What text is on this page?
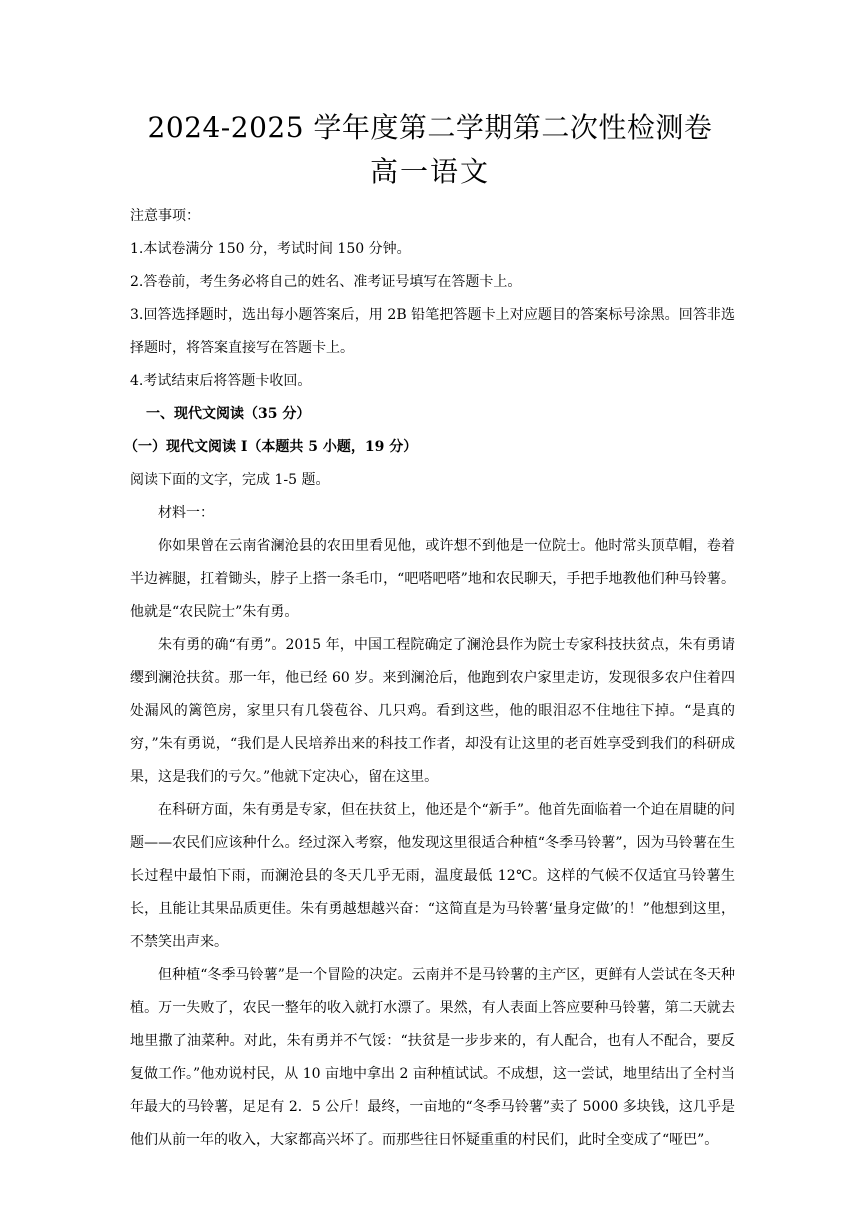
2024-2025 学年度第二学期第二次性检测卷
高一语文

注意事项：

1.本试卷满分 150 分，考试时间 150 分钟。

2.答卷前，考生务必将自己的姓名、准考证号填写在答题卡上。

3.回答选择题时，选出每小题答案后，用 2B 铅笔把答题卡上对应题目的答案标号涂黑。回答非选择题时，将答案直接写在答题卡上。

4.考试结束后将答题卡收回。

一、现代文阅读（35 分）

（一）现代文阅读 I（本题共 5 小题，19 分）

阅读下面的文字，完成 1-5 题。

材料一：

你如果曾在云南省澜沧县的农田里看见他，或许想不到他是一位院士。他时常头顶草帽，卷着半边裤腿，扛着锄头，脖子上搭一条毛巾，“吧嗒吧嗒”地和农民聊天，手把手地教他们种马铃薯。他就是“农民院士”朱有勇。

朱有勇的确“有勇”。2015 年，中国工程院确定了澜沧县作为院士专家科技扶贫点，朱有勇请缨到澜沧扶贫。那一年，他已经 60 岁。来到澜沧后，他跑到农户家里走访，发现很多农户住着四处漏风的篱笆房，家里只有几袋苞谷、几只鸡。看到这些，他的眼泪忍不住地往下掉。“是真的穷，”朱有勇说，“我们是人民培养出来的科技工作者，却没有让这里的老百姓享受到我们的科研成果，这是我们的亏欠。”他就下定决心，留在这里。

在科研方面，朱有勇是专家，但在扶贫上，他还是个“新手”。他首先面临着一个迫在眉睫的问题——农民们应该种什么。经过深入考察，他发现这里很适合种植“冬季马铃薯”，因为马铃薯在生长过程中最怕下雨，而澜沧县的冬天几乎无雨，温度最低 12℃。这样的气候不仅适宜马铃薯生长，且能让其果品质更佳。朱有勇越想越兴奋：“这简直是为马铃薯‘量身定做’的！”他想到这里，不禁笑出声来。

但种植“冬季马铃薯”是一个冒险的决定。云南并不是马铃薯的主产区，更鲜有人尝试在冬天种植。万一失败了，农民一整年的收入就打水漂了。果然，有人表面上答应要种马铃薯，第二天就去地里撒了油菜种。对此，朱有勇并不气馁：“扶贫是一步步来的，有人配合，也有人不配合，要反复做工作。”他劝说村民，从 10 亩地中拿出 2 亩种植试试。不成想，这一尝试，地里结出了全村当年最大的马铃薯，足足有 2．5 公斤！最终，一亩地的“冬季马铃薯”卖了 5000 多块钱，这几乎是他们从前一年的收入，大家都高兴坏了。而那些往日怀疑重重的村民们，此时全变成了“哑巴”。
